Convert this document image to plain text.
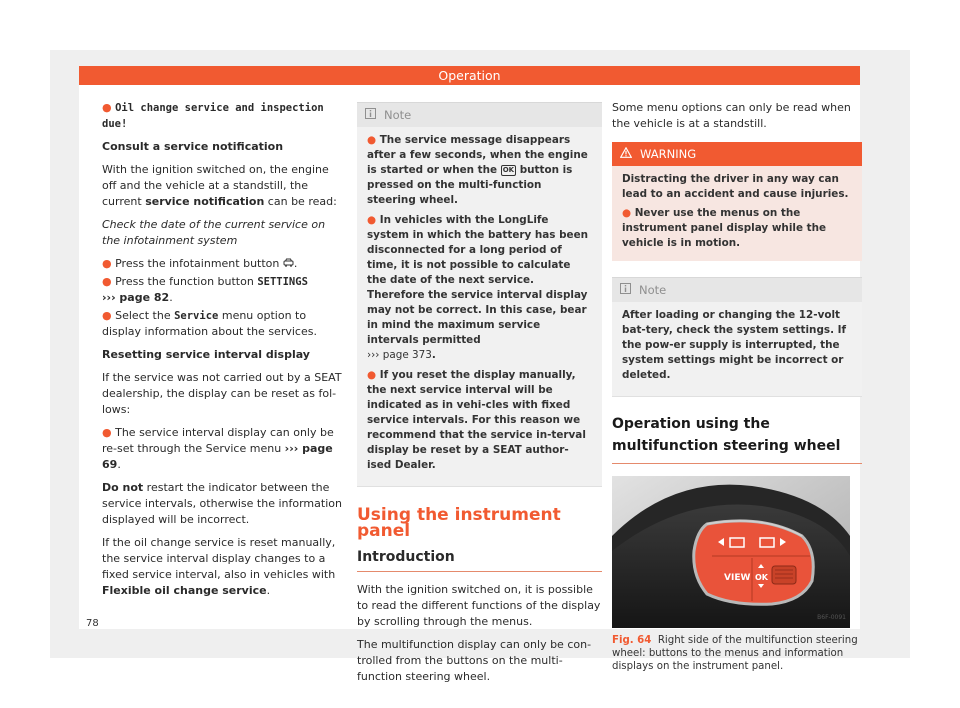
Operation

● Oil change service and inspection due!

Consult a service notification

With the ignition switched on, the engine off and the vehicle at a standstill, the current service notification can be read:

Check the date of the current service on the infotainment system

● Press the infotainment button .

● Press the function button SETTINGS
››› page 82.

● Select the Service menu option to display information about the services.

Resetting service interval display

If the service was not carried out by a SEAT dealership, the display can be reset as fol-lows:

● The service interval display can only be re-set through the Service menu ››› page 69.

Do not restart the indicator between the service intervals, otherwise the information displayed will be incorrect.

If the oil change service is reset manually, the service interval display changes to a fixed service interval, also in vehicles with Flexible oil change service.

Note

● The service message disappears after a few seconds, when the engine is started or when the OK button is pressed on the multi-function steering wheel.

● In vehicles with the LongLife system in which the battery has been disconnected for a long period of time, it is not possible to calculate the date of the next service. Therefore the service interval display may not be correct. In this case, bear in mind the maximum service intervals permitted
››› page 373.

● If you reset the display manually, the next service interval will be indicated as in vehi-cles with fixed service intervals. For this reason we recommend that the service in-terval display be reset by a SEAT author-ised Dealer.

Using the instrument panel
Introduction

With the ignition switched on, it is possible to read the different functions of the display by scrolling through the menus.

The multifunction display can only be con-trolled from the buttons on the multi-function steering wheel.

Some menu options can only be read when the vehicle is at a standstill.

WARNING

Distracting the driver in any way can lead to an accident and cause injuries.

● Never use the menus on the instrument panel display while the vehicle is in motion.

Note

After loading or changing the 12-volt bat-tery, check the system settings. If the pow-er supply is interrupted, the system settings might be incorrect or deleted.

Operation using the multifunction steering wheel
VIEW OK
B6F-0091
Fig. 64 Right side of the multifunction steering wheel: buttons to the menus and information displays on the instrument panel.
78
